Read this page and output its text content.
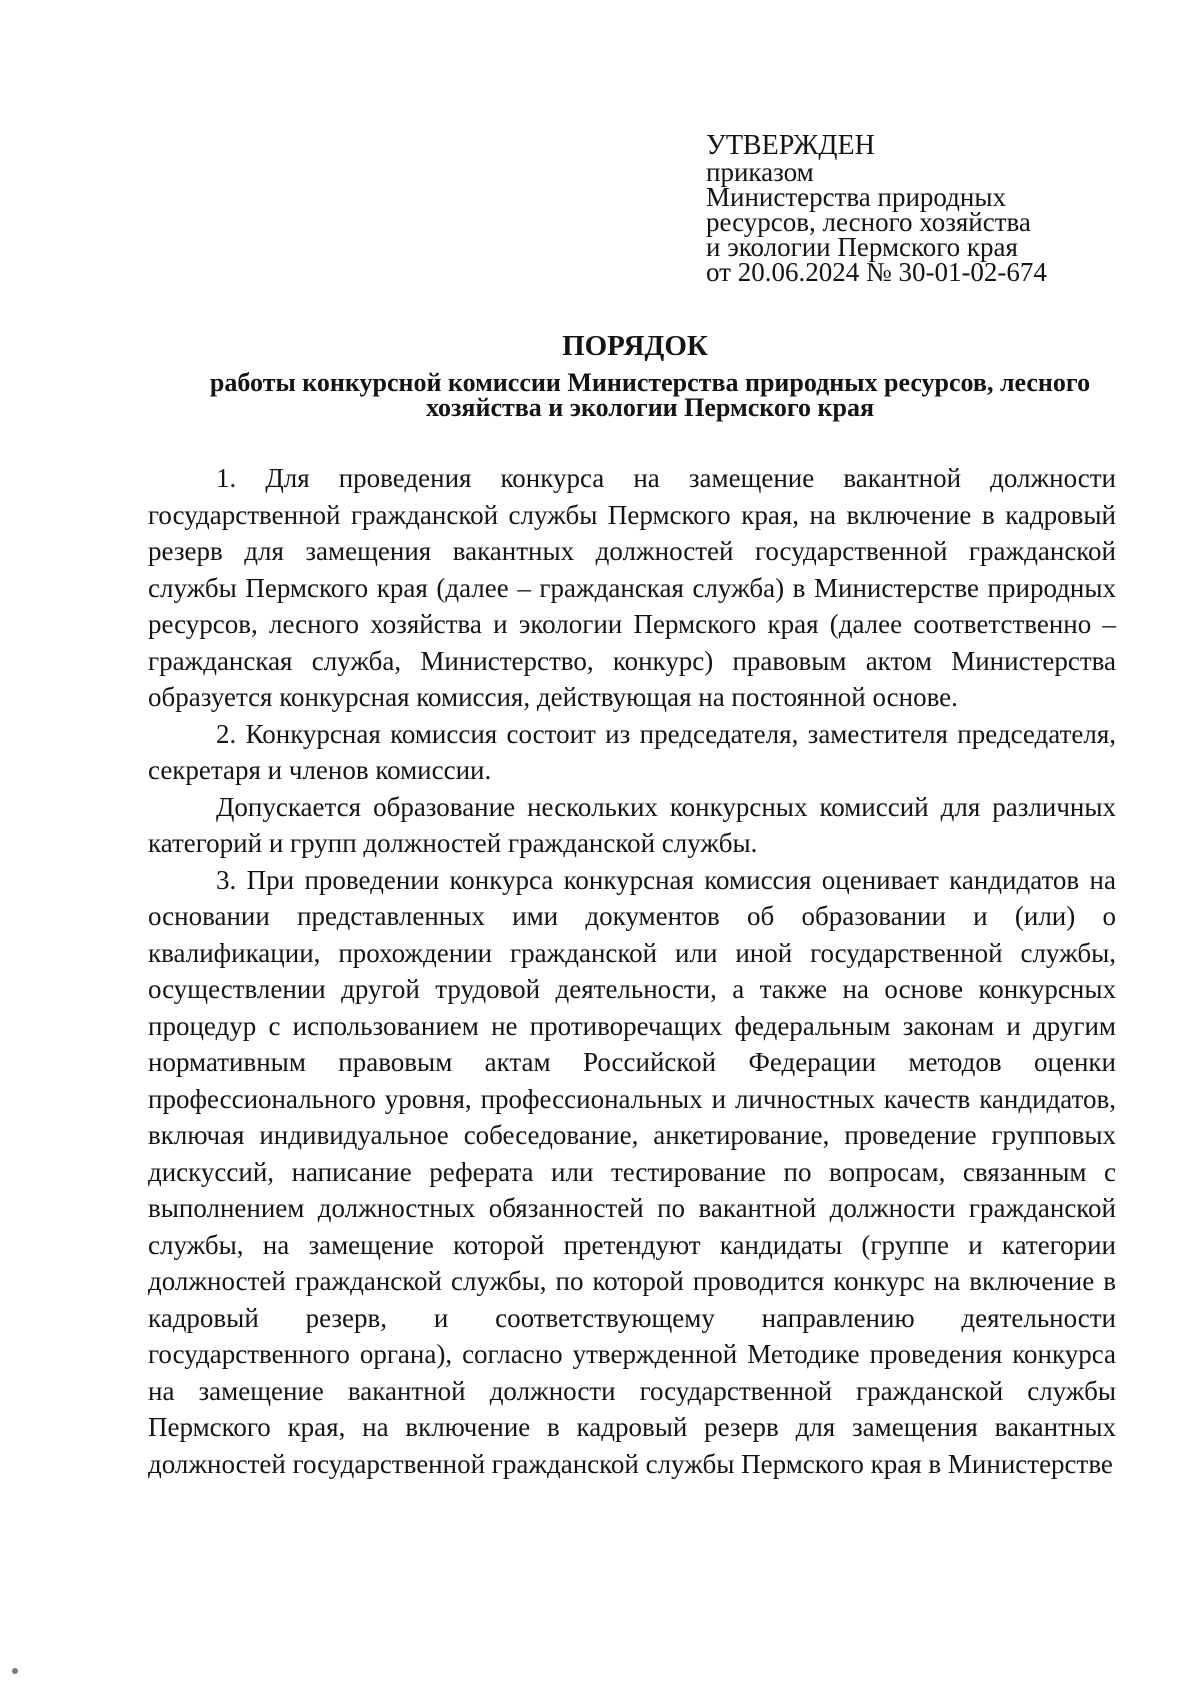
УТВЕРЖДЕН
приказом
Министерства природных
ресурсов, лесного хозяйства
и экологии Пермского края
от 20.06.2024 № 30-01-02-674
ПОРЯДОК
работы конкурсной комиссии Министерства природных ресурсов, лесного хозяйства и экологии Пермского края

1. Для проведения конкурса на замещение вакантной должности государственной гражданской службы Пермского края, на включение в кадровый резерв для замещения вакантных должностей государственной гражданской службы Пермского края (далее – гражданская служба) в Министерстве природных ресурсов, лесного хозяйства и экологии Пермского края (далее соответственно – гражданская служба, Министерство, конкурс) правовым актом Министерства образуется конкурсная комиссия, действующая на постоянной основе.

2. Конкурсная комиссия состоит из председателя, заместителя председателя, секретаря и членов комиссии.

Допускается образование нескольких конкурсных комиссий для различных категорий и групп должностей гражданской службы.

3. При проведении конкурса конкурсная комиссия оценивает кандидатов на основании представленных ими документов об образовании и (или) о квалификации, прохождении гражданской или иной государственной службы, осуществлении другой трудовой деятельности, а также на основе конкурсных процедур с использованием не противоречащих федеральным законам и другим нормативным правовым актам Российской Федерации методов оценки профессионального уровня, профессиональных и личностных качеств кандидатов, включая индивидуальное собеседование, анкетирование, проведение групповых дискуссий, написание реферата или тестирование по вопросам, связанным с выполнением должностных обязанностей по вакантной должности гражданской службы, на замещение которой претендуют кандидаты (группе и категории должностей гражданской службы, по которой проводится конкурс на включение в кадровый резерв, и соответствующему направлению деятельности государственного органа), согласно утвержденной Методике проведения конкурса на замещение вакантной должности государственной гражданской службы Пермского края, на включение в кадровый резерв для замещения вакантных должностей государственной гражданской службы Пермского края в Министерстве
